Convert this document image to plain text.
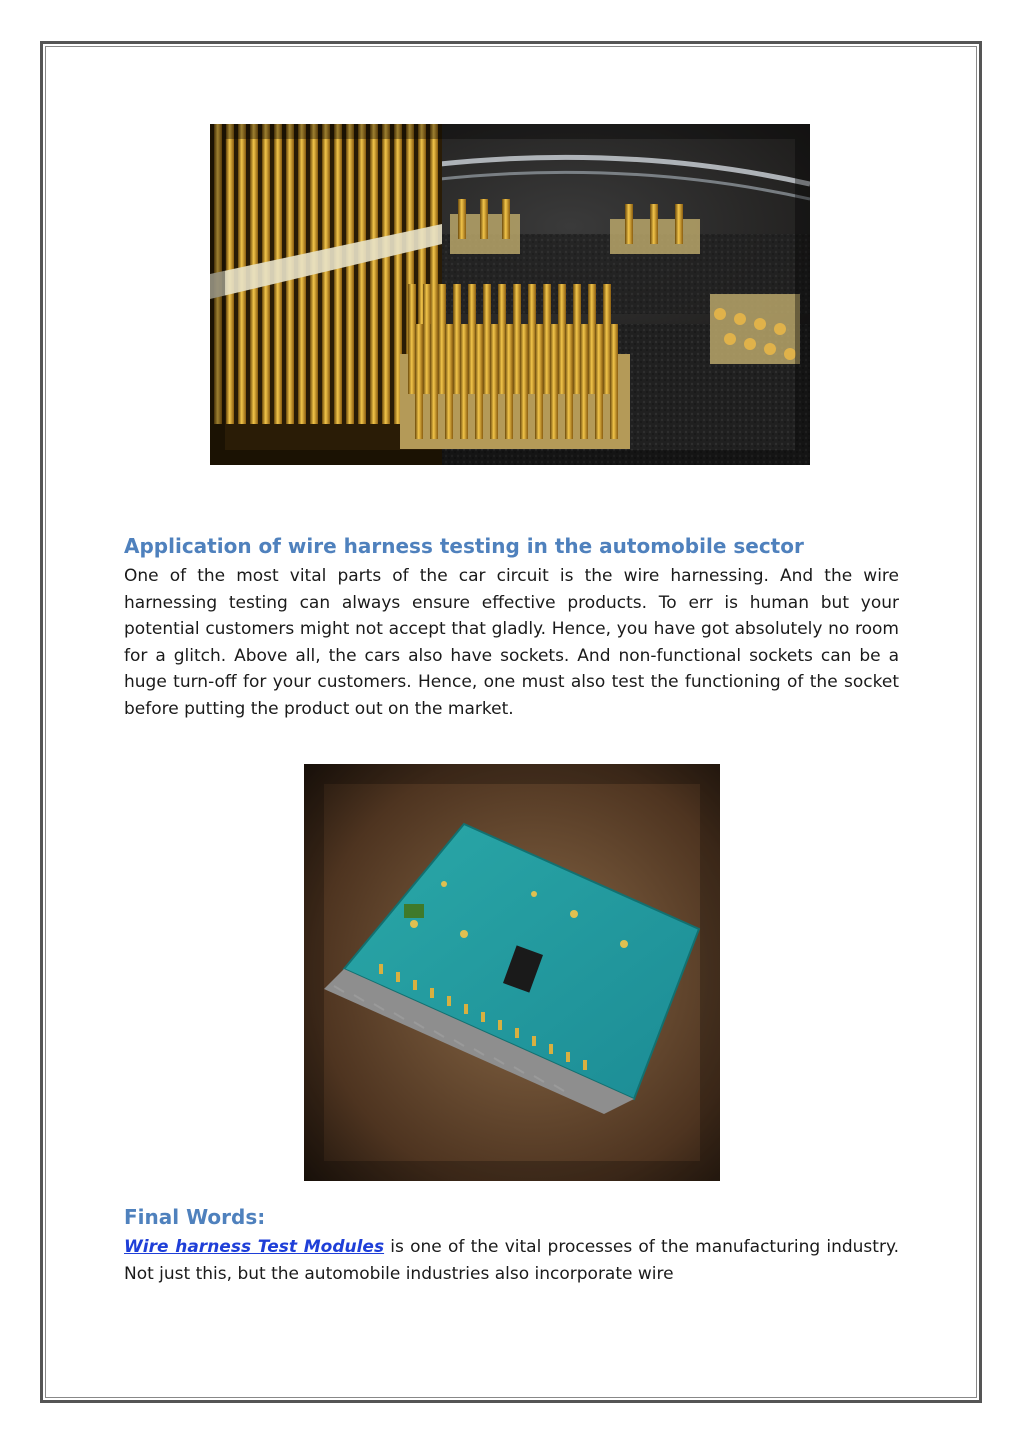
Application of wire harness testing in the automobile sector

One of the most vital parts of the car circuit is the wire harnessing. And the wire harnessing testing can always ensure effective products. To err is human but your potential customers might not accept that gladly. Hence, you have got absolutely no room for a glitch. Above all, the cars also have sockets. And non-functional sockets can be a huge turn-off for your customers. Hence, one must also test the functioning of the socket before putting the product out on the market.

Final Words:

Wire harness Test Modules is one of the vital processes of the manufacturing industry. Not just this, but the automobile industries also incorporate wire
